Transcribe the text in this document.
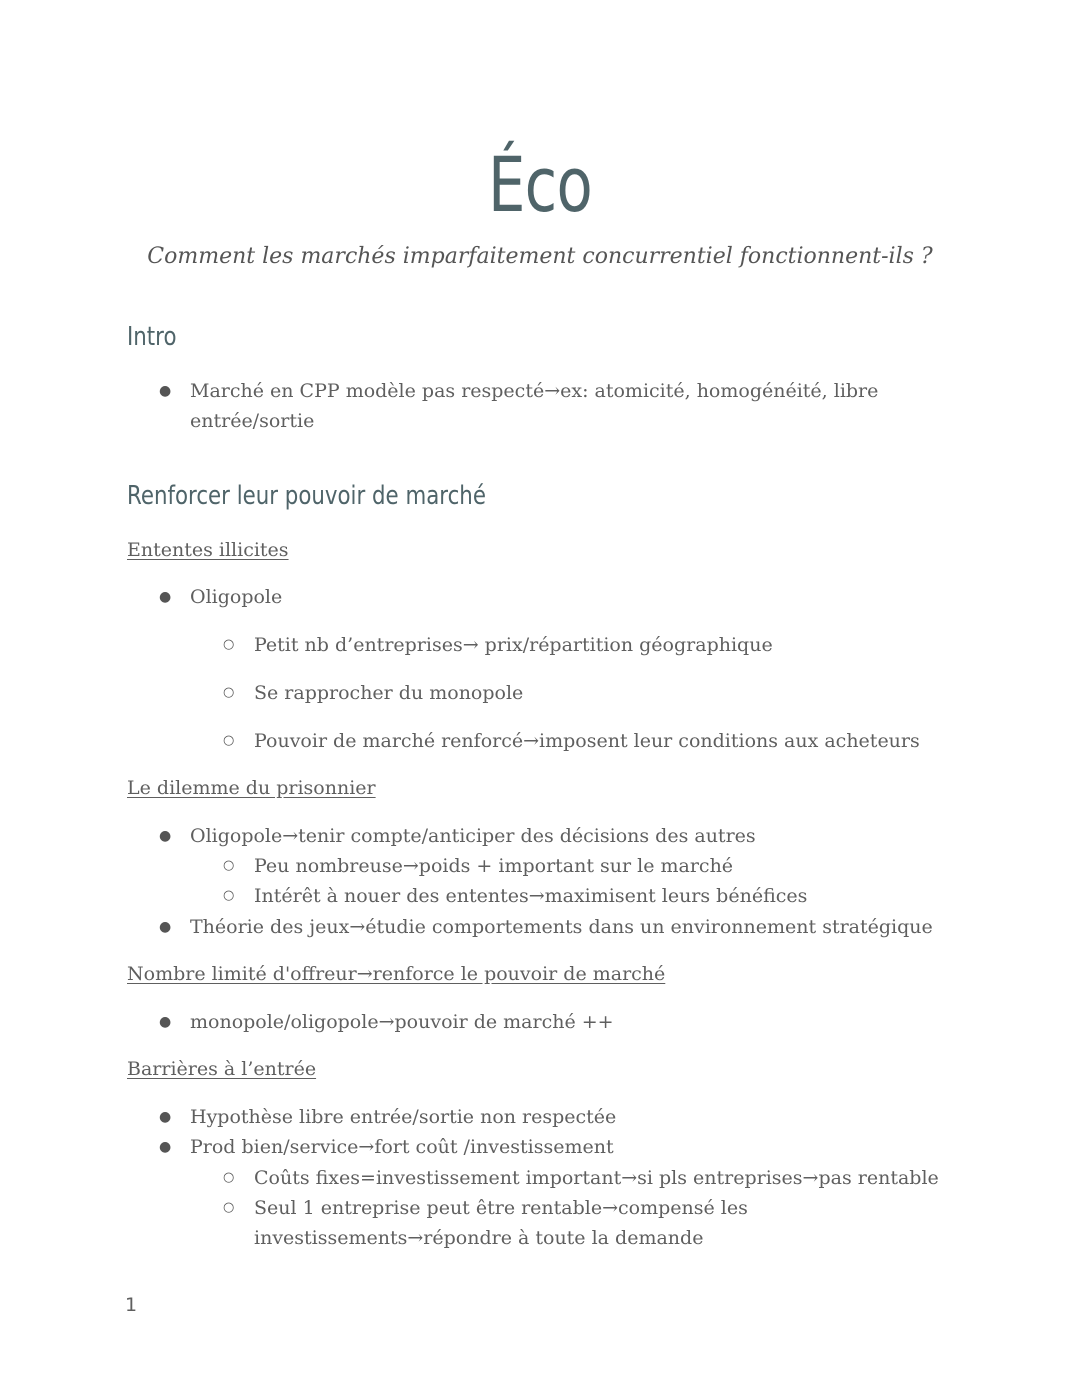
Éco
Comment les marchés imparfaitement concurrentiel fonctionnent-ils ?
Intro
● Marché en CPP modèle pas respecté→ex: atomicité, homogénéité, libre entrée/sortie
Renforcer leur pouvoir de marché
Ententes illicites
● Oligopole
○ Petit nb d’entreprises→ prix/répartition géographique
○ Se rapprocher du monopole
○ Pouvoir de marché renforcé→imposent leur conditions aux acheteurs
Le dilemme du prisonnier
● Oligopole→tenir compte/anticiper des décisions des autres
○ Peu nombreuse→poids + important sur le marché
○ Intérêt à nouer des ententes→maximisent leurs bénéfices
● Théorie des jeux→étudie comportements dans un environnement stratégique
Nombre limité d'offreur→renforce le pouvoir de marché
● monopole/oligopole→pouvoir de marché ++
Barrières à l’entrée
● Hypothèse libre entrée/sortie non respectée
● Prod bien/service→fort coût /investissement
○ Coûts fixes=investissement important→si pls entreprises→pas rentable
○ Seul 1 entreprise peut être rentable→compensé les investissements→répondre à toute la demande
1
